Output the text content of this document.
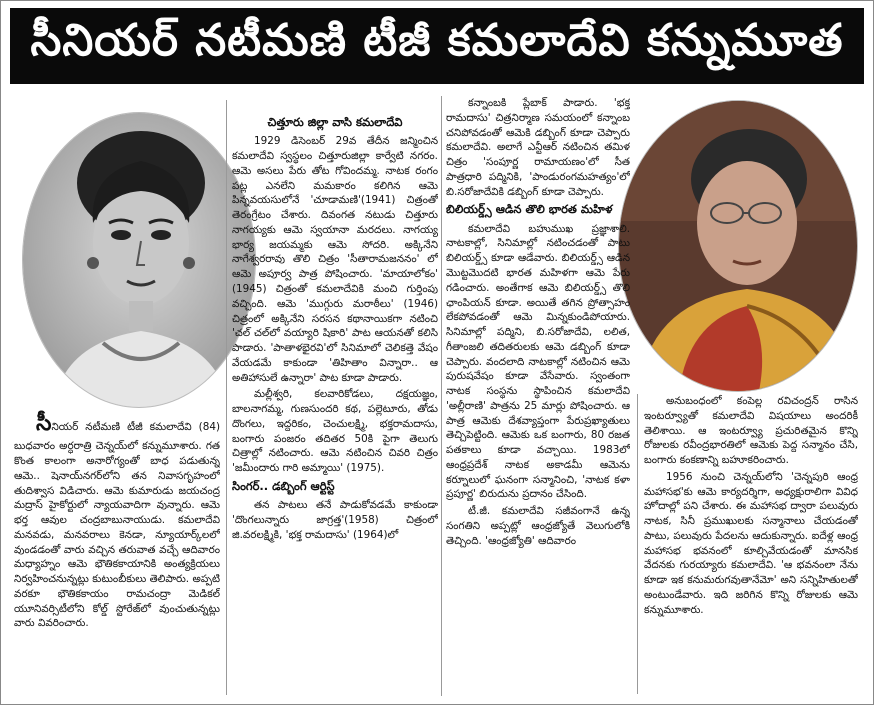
సీనియర్ నటీమణి టీజీ కమలాదేవి కన్నుమూత

సీనియర్ నటీమణి టీజీ కమలాదేవి (84) బుధవారం అర్ధరాత్రి చెన్నయ్‌లో కన్నుమూశారు. గత కొంత కాలంగా అనారోగ్యంతో బాధ పడుతున్న ఆమె.. షెనాయ్‌నగర్‌లోని తన నివాసగృహంలో తుదిశ్వాస విడిచారు. ఆమె కుమారుడు జయచంద్ర మద్రాస్ హైకోర్టులో న్యాయవాదిగా వున్నారు. ఆమె భర్త ఆవుల చంద్రబాబునాయుడు. కమలాదేవి మనవడు, మనవరాలు కెనడా, న్యూయార్క్‌లలో వుండడంతో వారు వచ్చిన తరువాత వచ్చే ఆదివారం మధ్యాహ్నం ఆమె భౌతికకాయానికి అంత్యక్రియలు నిర్వహించనున్నట్లు కుటుంబీకులు తెలిపారు. అప్పటి వరకూ భౌతికకాయం రామచంద్రా మెడికల్ యూనివర్సిటీలోని కోల్డ్ స్టోరేజ్‌లో వుంచుతున్నట్లు వారు వివరించారు.

చిత్తూరు జిల్లా వాసి కమలాదేవి

1929 డిసెంబర్ 29వ తేదీన జన్మించిన కమలాదేవి స్వస్థలం చిత్తూరుజిల్లా కార్వేటి నగరం. ఆమె అసలు పేరు తోట గోవిందమ్మ. నాటక రంగం పట్ల ఎనలేని మమకారం కలిగిన ఆమె పిన్నవయసులోనే 'చూడామణి'(1941) చిత్రంతో తెరంగ్రేటం చేశారు. దివంగత నటుడు చిత్తూరు నాగయ్యకు ఆమె స్వయానా మరదలు. నాగయ్య భార్య జయమ్మకు ఆమె సోదరి. అక్కినేని నాగేశ్వరరావు తొలి చిత్రం 'సీతారామజననం' లో ఆమె అపూర్వ పాత్ర పోషించారు. 'మాయాలోకం' (1945) చిత్రంతో కమలాదేవికి మంచి గుర్తింపు వచ్చింది. ఆమె 'ముగ్గురు మరాఠీలు' (1946) చిత్రంలో అక్కినేని సరసన కథానాయికగా నటించి 'చల్ చల్‌లో వయ్యారి షికారి' పాట ఆయనతో కలిసి పాడారు. 'పాతాళభైరవి'లో సినిమాలో చెలికత్తె వేషం వేయడమే కాకుండా 'తిహితాం విన్నారా.. ఆ అతిహాసులే ఉన్నారా' పాట కూడా పాడారు.

మల్లీశ్వరి, కలవారికోడలు, దక్షయజ్ఞం, బాలనాగమ్మ, గుణసుందరి కథ, పల్లెటూరు, తోడు దొంగలు, ఇద్దరికం, చెంచులక్ష్మి, భక్తరామదాసు, బంగారు పంజరం తదితర 50కి పైగా తెలుగు చిత్రాల్లో నటించారు. ఆమె నటించిన చివరి చిత్రం 'జమీందారు గారి అమ్మాయి' (1975).

సింగర్.. డబ్బింగ్ ఆర్టిస్ట్

తన పాటలు తనే పాడుకోవడమే కాకుండా 'దొంగలున్నారు జాగ్రత్త'(1958) చిత్రంలో జి.వరలక్ష్మికి, 'భక్త రామదాసు' (1964)లో

కన్నాంబకి ప్లేబాక్ పాడారు. 'భక్త రామదాసు' చిత్రనిర్మాణ సమయంలో కన్నాంబ చనిపోవడంతో ఆమెకి డబ్బింగ్ కూడా చెప్పారు కమలాదేవి. అలాగే ఎన్టీఆర్ నటించిన తమిళ చిత్రం 'సంపూర్ణ రామాయణం'లో సీత పాత్రధారి పద్మినికి, 'పాండురంగమహత్యం'లో బి.సరోజాదేవికి డబ్బింగ్ కూడా చెప్పారు.

బిలియర్డ్స్ ఆడిన తొలి భారత మహిళ

కమలాదేవి బహుముఖ ప్రజ్ఞాశాలి. నాటకాల్లో, సినిమాల్లో నటించడంతో పాటు బిలియర్డ్స్ కూడా ఆడేవారు. బిలియర్డ్స్ ఆడిన మొట్టమొదటి భారత మహిళగా ఆమె పేరు గడించారు. అంతేగాక ఆమె బిలియర్డ్స్ తొలి ఛాంపియన్ కూడా. అయితే తగిన ప్రోత్సాహం లేకపోవడంతో ఆమె మిన్నకుండిపోయారు. సినిమాల్లో పద్మిని, బి.సరోజాదేవి, లలిత, గీతాంజలి తదితరులకు ఆమె డబ్బింగ్ కూడా చెప్పారు. వందలాది నాటకాల్లో నటించిన ఆమె పురుషవేషం కూడా వేసేవారు. స్వంతంగా నాటక సంస్థను స్థాపించిన కమలాదేవి 'అల్లీరాణి' పాత్రను 25 మార్లు పోషించారు. ఆ పాత్ర ఆమెకు దేశవ్యాప్తంగా పేరుప్రఖ్యాతులు తెచ్చిపెట్టింది. ఆమెకు ఒక బంగారు, 80 రజత పతకాలు కూడా వచ్చాయి. 1983లో ఆంధ్రప్రదేశ్ నాటక అకాడమీ ఆమెను కర్నూలులో ఘనంగా సన్మానించి, 'నాటక కళా ప్రపూర్ణ' బిరుదును ప్రదానం చేసింది.

టీ.జీ. కమలాదేవి సజీవంగానే ఉన్న సంగతిని అప్పట్లో ఆంధ్రజ్యోతే వెలుగులోకి తెచ్చింది. 'ఆంధ్రజ్యోతి' ఆదివారం

అనుబంధంలో కంపెల్ల రవిచంద్రన్ రాసిన ఇంటర్వ్యూతో కమలాదేవి విషయాలు అందరికీ తెలిశాయి. ఆ ఇంటర్వ్యూ ప్రచురితమైన కొన్ని రోజులకు రవీంద్రభారతిలో ఆమెకు పెద్ద సన్మానం చేసి, బంగారు కంకణాన్ని బహూకరించారు.

1956 నుంచి చెన్నయ్‌లోని 'చెన్నపురి ఆంధ్ర మహాసభ'కు ఆమె కార్యదర్శిగా, అధ్యక్షురాలిగా వివిధ హోదాల్లో పని చేశారు. ఈ మహాసభ ద్వారా పలువురు నాటక, సినీ ప్రముఖులకు సన్మానాలు చేయడంతో పాటు, పలువురు పేదలను ఆదుకున్నారు. ఐదేళ్ల ఆంధ్ర మహాసభ భవనంలో కూల్చివేయడంతో మానసిక వేదనకు గురయ్యారు కమలాదేవి. 'ఆ భవనంలా నేను కూడా ఇక కనుమరుగవుతానేమో' అని సన్నిహితులతో అంటుండేవారు. ఇది జరిగిన కొన్ని రోజులకు ఆమె కన్నుమూశారు.
